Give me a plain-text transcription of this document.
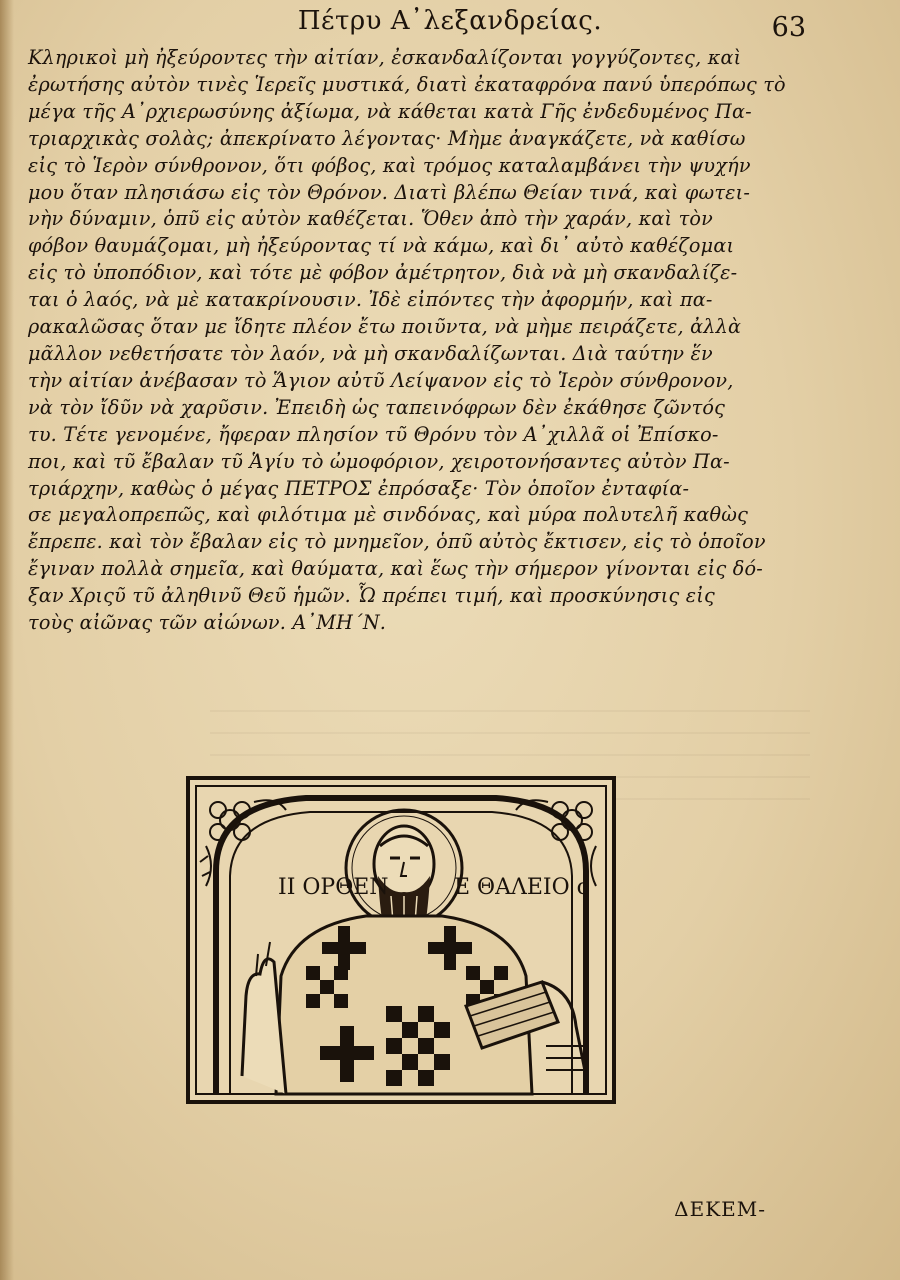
Πέτρυ Α᾽λεξανδρείας.	63
Κληρικοὶ μὴ ἠξεύροντες τὴν αἰτίαν, ἐσκανδαλίζονται γογγύζοντες, καὶ
ἐρωτήσης αὐτὸν τινὲς Ἱερεῖς μυστικά, διατὶ ἐκαταφρόνα πανύ ὑπερόπως τὸ
μέγα τῆς Α᾽ρχιερωσύνης ἀξίωμα, νὰ κάθεται κατὰ Γῆς ἐνδεδυμένος Πα-
τριαρχικὰς σολὰς; ἀπεκρίνατο λέγοντας· Μὴμε ἀναγκάζετε, νὰ καθίσω
εἰς τὸ Ἱερὸν σύνθρονον, ὅτι φόβος, καὶ τρόμος καταλαμβάνει τὴν ψυχήν
μου ὅταν πλησιάσω εἰς τὸν Θρόνον. Διατὶ βλέπω Θείαν τινά, καὶ φωτει-
νὴν δύναμιν, ὁπῦ εἰς αὐτὸν καθέζεται. Ὅθεν ἀπὸ τὴν χαράν, καὶ τὸν
φόβον θαυμάζομαι, μὴ ἠξεύροντας τί νὰ κάμω, καὶ δι᾽ αὐτὸ καθέζομαι
εἰς τὸ ὑποπόδιον, καὶ τότε μὲ φόβον ἀμέτρητον, διὰ νὰ μὴ σκανδαλίζε-
ται ὁ λαός, νὰ μὲ κατακρίνουσιν. Ἰδὲ εἰπόντες τὴν ἀφορμήν, καὶ πα-
ρακαλῶσας ὅταν με ἴδητε πλέον ἔτω ποιῦντα, νὰ μὴμε πειράζετε, ἀλλὰ
μᾶλλον νεθετήσατε τὸν λαόν, νὰ μὴ σκανδαλίζωνται. Διὰ ταύτην ἕν
τὴν αἰτίαν ἀνέβασαν τὸ Ἅγιον αὐτῦ Λείψανον εἰς τὸ Ἱερὸν σύνθρονον,
νὰ τὸν ἴδῦν νὰ χαρῦσιν. Ἐπειδὴ ὡς ταπεινόφρων δὲν ἐκάθησε ζῶντός
τυ. Τέτε γενομένε, ἤφεραν πλησίον τῦ Θρόνυ τὸν Α᾽χιλλᾶ οἱ Ἐπίσκο-
ποι, καὶ τῦ ἔβαλαν τῦ Ἁγίυ τὸ ὠμοφόριον, χειροτονήσαντες αὐτὸν Πα-
τριάρχην, καθὼς ὁ μέγας ΠΕΤΡΟΣ ἐπρόσαξε· Τὸν ὁποῖον ἐνταφία-
σε μεγαλοπρεπῶς, καὶ φιλότιμα μὲ σινδόνας, καὶ μύρα πολυτελῆ καθὼς
ἔπρεπε. καὶ τὸν ἔβαλαν εἰς τὸ μνημεῖον, ὁπῦ αὐτὸς ἔκτισεν, εἰς τὸ ὁποῖον
ἔγιναν πολλὰ σημεῖα, καὶ θαύματα, καὶ ἕως τὴν σήμερον γίνονται εἰς δό-
ξαν Χριςῦ τῦ ἀληθινῦ Θεῦ ἡμῶν. Ὧ πρέπει τιμή, καὶ προσκύνησις εἰς
τοὺς αἰῶνας τῶν αἰώνων. Α᾽ΜΗ´Ν.
ΙΙ ΟΡΘΕΝ	Ε ΘΑΛΕΙΟ ς
ΔΕΚΕΜ-
